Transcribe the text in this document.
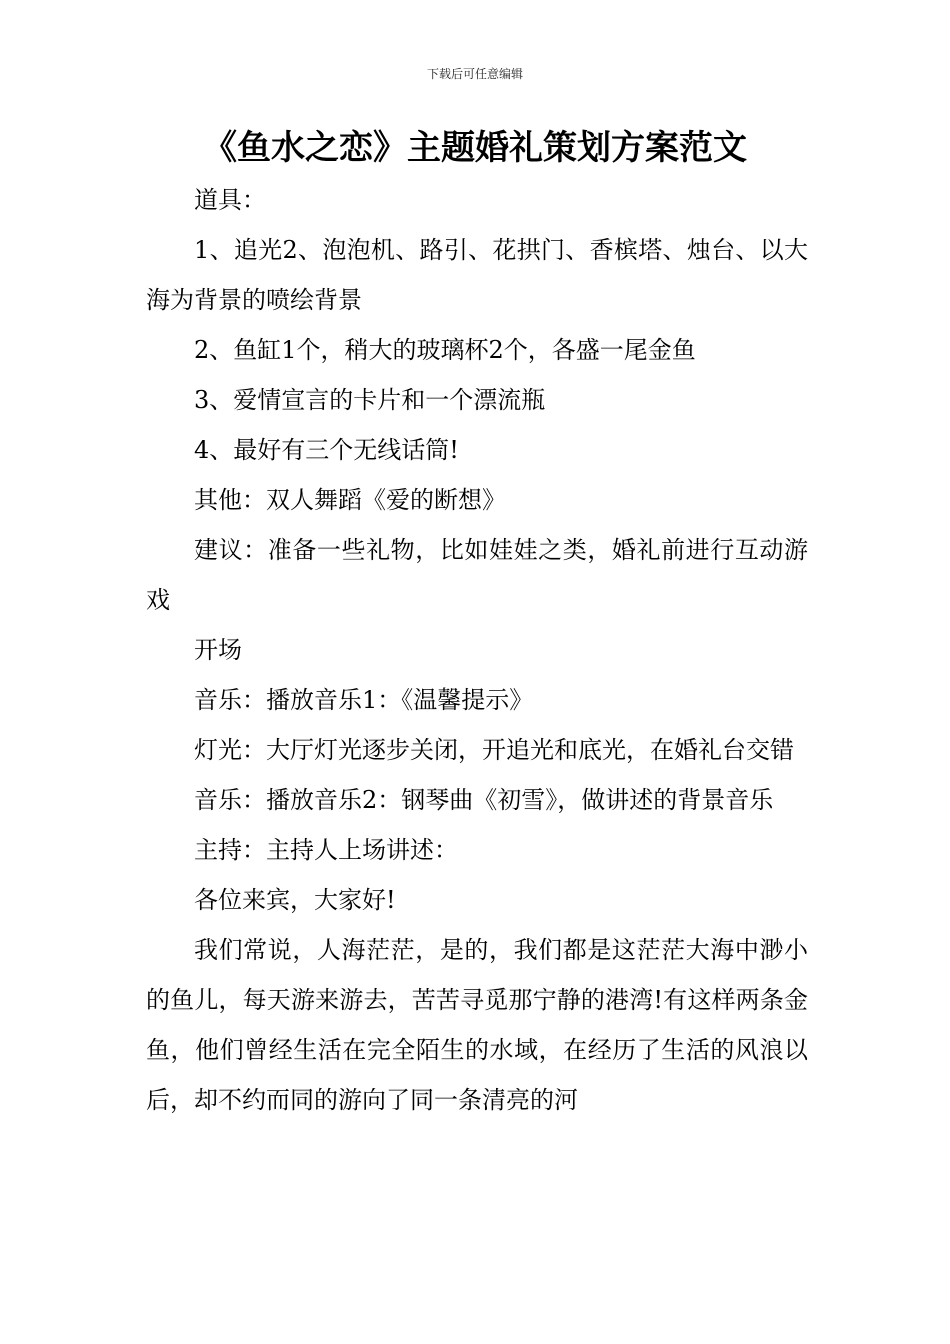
下载后可任意编辑
《鱼水之恋》主题婚礼策划方案范文

道具：

1、追光2、泡泡机、路引、花拱门、香槟塔、烛台、以大海为背景的喷绘背景

2、鱼缸1个，稍大的玻璃杯2个，各盛一尾金鱼

3、爱情宣言的卡片和一个漂流瓶

4、最好有三个无线话筒!

其他：双人舞蹈《爱的断想》

建议：准备一些礼物，比如娃娃之类，婚礼前进行互动游戏

开场

音乐：播放音乐1：《温馨提示》

灯光：大厅灯光逐步关闭，开追光和底光，在婚礼台交错

音乐：播放音乐2：钢琴曲《初雪》，做讲述的背景音乐

主持：主持人上场讲述：

各位来宾，大家好!

我们常说，人海茫茫，是的，我们都是这茫茫大海中渺小的鱼儿，每天游来游去，苦苦寻觅那宁静的港湾!有这样两条金鱼，他们曾经生活在完全陌生的水域，在经历了生活的风浪以后，却不约而同的游向了同一条清亮的河
